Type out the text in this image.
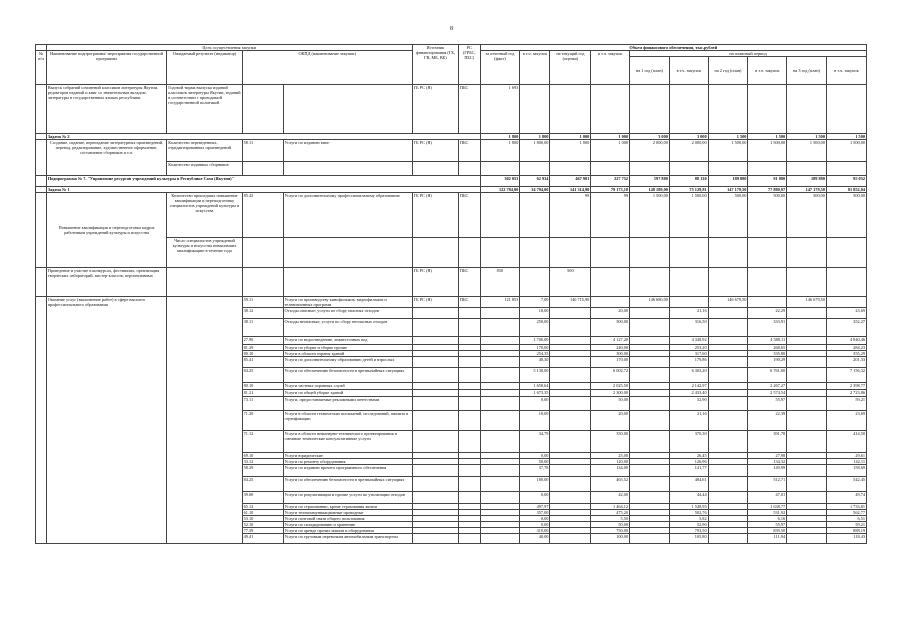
8
	Цель осуществления закупки				Источник финансирования (ГБ, ГВ, МБ, ВБ)	РС (ГРБС, ПБС)	Объем финансового обеспечения, тыс.рублей									
№ п/п	Наименование подпрограммы/ мероприятия государственной программы	Ожидаемый результат (индикатор)	ОКПД (наименование закупки)				за отчетный год (факт)	в т.ч. закупок	на текущий год (оценка)	в т.ч. закупок	на плановый период					
											на 1 год (план)	в т.ч. закупок	на 2 год (план)	в т.ч. закупок	на 3 год (план)	в т.ч. закупок
	Выпуск собраний сочинений классиков литературы Якутии, редакторов изданий и книг со значительным вкладом, литературы в государственных языках республики	Годовой тираж выпуска изданий классиков литературы Якутии, изданий в соответствии с проводимой государственной политикой			ГБ РС (Я)	ПБС	1 693									
	Задача № 2						1 800	1 800	1 000	1 000	3 000	3 000	1 500	1 500	1 500	1 500
	Создание, издание, переиздание литературных произведений, перевод, редактирование, художественное оформление, составление сборников и т.п.	Количество переведенных, отредактированных произведений	58.11	Услуги по изданию книг	ГБ РС (Я)	ПБС	1 800	1 800,00	1 000	1 000	2 000,00	2 000,00	1 500,00	1 500,00	1 500,00	1 500,00
		Количество изданных сборников														
	Подпрограмма № 7. "Управление ресурсов учреждений культуры в Республике Саха (Якутия)"						302 053	62 934	467 901	227 752	197 880	88 130	189 880	91 080	189 880	95 052
	Задача № 1						122 784,00	34 794,00	141 314,90	79 173,18	148 180,00	75 129,81	147 179,50	77 880,97	147 179,50	81 852,04
	Повышение квалификации и переподготовка кадров работников учреждений культуры и искусства	Количество прошедших повышение квалификации и переподготовку специалистов учреждений культуры и искусства	85.42	Услуги по дополнительному профессиональному образованию	ГБ РС (Я)	ПБС			99	99	1 500,00	1 500,00	500,00	500,00	500,00	500,00
		Число специалистов учреждений культуры и искусства повысивших квалификацию в течение года														
	Проведение и участие в конкурсах, фестивалях, организация творческих лабораторий, мастер-классов, перспективных				ГБ РС (Я)	ПБС	850		500							
	Оказание услуг (выполнение работ) в сфере высшего профессионального образования		59.11	Услуги по производству кинофильмов, видеофильмов и телевизионных программ	ГБ РС (Я)	ПБС	121 853	7,00	140 715,90		146 680,00		146 679,50		146 679,50	
			38.12	Отходы опасные; услуги по сбору опасных отходов				18,00		20,00		21,16		22,29		23,69
			38.11	Отходы неопасные; услуги по сбору неопасных отходов				250,00		300,00		316,50		333,91		352,27
			27.90	Услуги по водоотведению, ливнесточных вод				1 700,00		4 127,20		4 348,92		4 588,11		4 840,46
			81.29	Услуги по уборке и сборке прочие				170,00		240,00		253,20		268,65		284,23
			80.10	Услуги в области охраны зданий				254,35		300,00		317,60		335,80		355,29
			85.41	Услуги по дополнительному образованию детей и взрослых				48,30		170,00		179,86		190,29		201,33
			84.25	Услуги по обеспечению безопасности в чрезвычайных ситуациях				5 130,00		6 002,72		6 303,20		6 761,00		7 156,32
			80.10	Услуги частных охранных служб				1 658,64		2 025,50		2 142,97		2 267,27		2 398,77
			81.21	Услуги по общей уборке зданий				1 673,35		2 300,00		2 433,40		2 574,54		2 723,86
			73.11	Услуги, предоставляемые рекламными агентствами				0,00		50,00		52,90		55,97		59,21
			71.20	Услуги в области технических испытаний, исследований, анализа и сертификации				18,00		20,00		21,16		22,39		23,69
			71.12	Услуги в области инженерно-технического проектирования и смежные технические консультативные услуги				34,79		350,00		370,30		391,78		414,50
			69.10	Услуги юридические				0,00		25,00		26,45		27,98		29,61
			33.12	Услуги по ремонту оборудования				50,00		120,00		126,96		134,32		142,11
			58.29	Услуги по изданию прочего программного обеспечения				37,78		134,00		141,77		149,99		158,69
			84.25	Услуги по обеспечению безопасности в чрезвычайных ситуациях				180,00		465,52		484,61		512,71		542,45
			39.00	Услуги по рекультивации и прочие услуги по утилизации отходов				0,00		42,00		44,44		47,01		49,74
			65.12	Услуги по страхованию, кроме страхования жизни				497,97		1 464,12		1 548,95		1 638,77		1 733,81
			61.10	Услуги телекоммуникационные проводные				357,00		475,20		502,76		531,92		562,77
			53.10	Услуги почтовой связи общего пользования				0,00		5,50		5,82		6,16		6,51
			52.10	Услуги по складированию и хранению				0,00		50,00		52,90		55,97		59,21
			77.39	Услуги по аренде прочих машин и оборудования				310,00		750,00		793,50		839,50		888,19
			49.41	Услуги по грузовым перевозкам автомобильным транспортом				40,00		100,00		105,80		111,94		118,43
